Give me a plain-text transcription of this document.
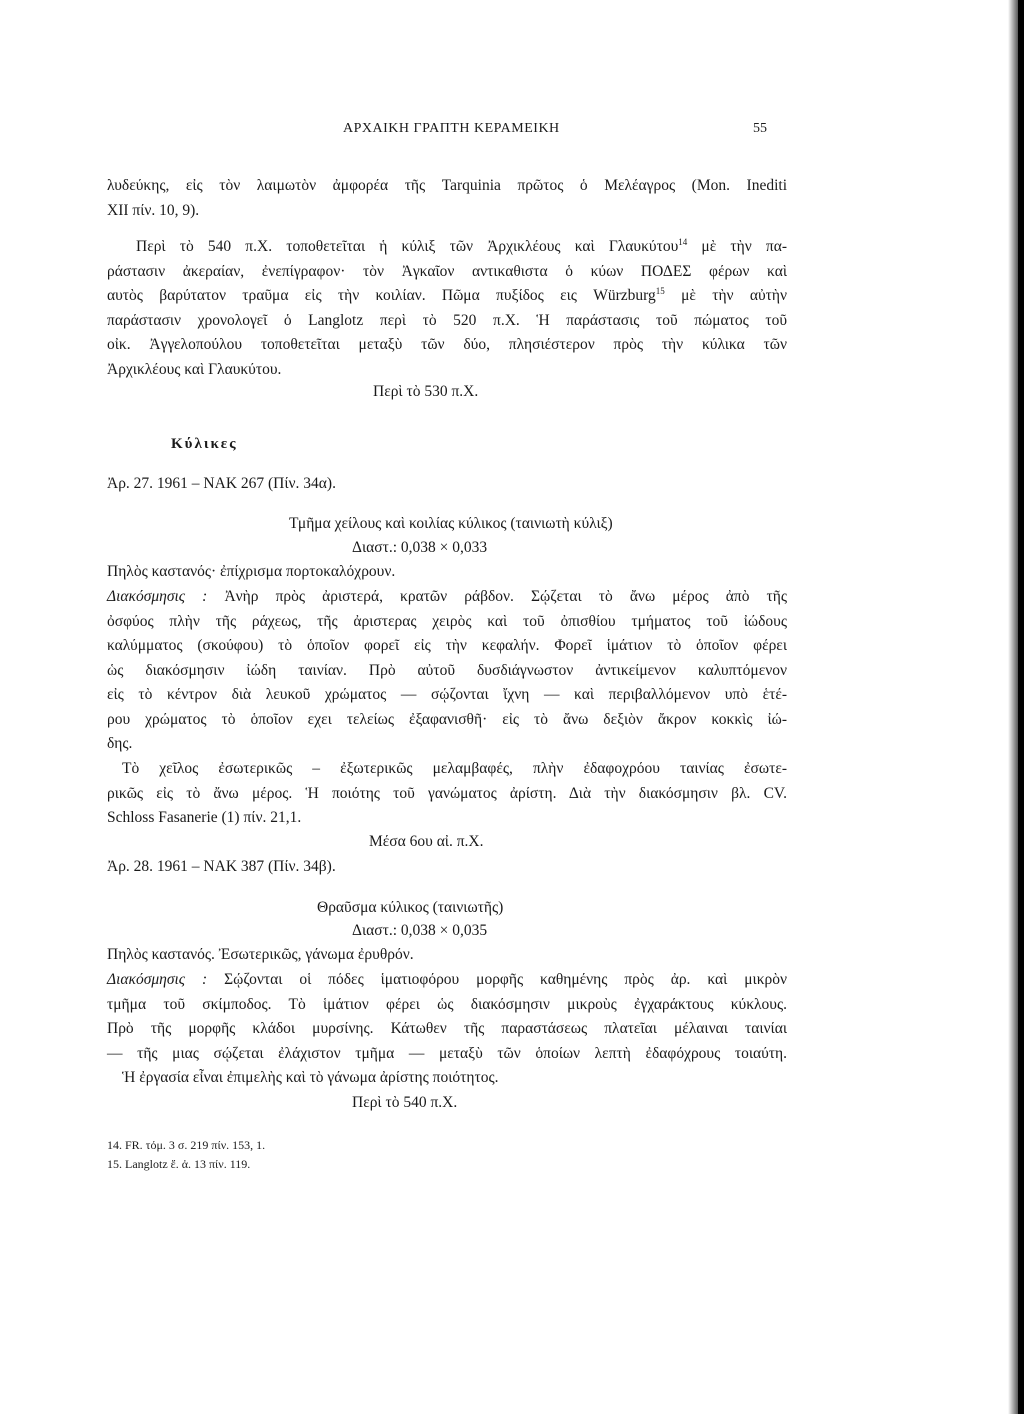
ΑΡΧΑΙΚΗ ΓΡΑΠΤΗ ΚΕΡΑΜΕΙΚΗ	55
λυδεύκης, εἰς τὸν λαιμωτὸν ἀμφορέα τῆς Tarquinia πρῶτος ὁ Μελέαγρος (Mon. Inediti
XII πίν. 10, 9).
Περὶ τὸ 540 π.Χ. τοποθετεῖται ἡ κύλιξ τῶν Ἀρχικλέους καὶ Γλαυκύτου$^{14}$ μὲ τὴν πα-
ράστασιν ἀκεραίαν, ἐνεπίγραφον· τὸν Ἀγκαῖον αντικαθιστα ὁ κύων ΠΟΔΕΣ φέρων καὶ
αυτὸς βαρύτατον τραῦμα εἰς τὴν κοιλίαν. Πῶμα πυξίδος εις Würzburg$^{15}$ μὲ τὴν αὐτὴν
παράστασιν χρονολογεῖ ὁ Langlotz περὶ τὸ 520 π.Χ. Ἡ παράστασις τοῦ πώματος τοῦ
οἰκ. Ἀγγελοπούλου τοποθετεῖται μεταξὺ τῶν δύο, πλησιέστερον πρὸς τὴν κύλικα τῶν
Ἀρχικλέους καὶ Γλαυκύτου.
Περὶ τὸ 530 π.Χ.
Κύλικες
Ἀρ. 27. 1961 – ΝΑΚ 267 (Πίν. 34α).
Τμῆμα χείλους καὶ κοιλίας κύλικος (ταινιωτὴ κύλιξ)
Διαστ.: 0,038 × 0,033
Πηλὸς καστανός· ἐπίχρισμα πορτοκαλόχρουν.
Διακόσμησις : Ἀνὴρ πρὸς ἀριστερά, κρατῶν ράβδον. Σῴζεται τὸ ἄνω μέρος ἀπὸ τῆς
ὀσφύος πλὴν τῆς ράχεως, τῆς ἀριστερας χειρὸς καὶ τοῦ ὀπισθίου τμήματος τοῦ ἰώδους
καλύμματος (σκούφου) τὸ ὁποῖον φορεῖ εἰς τὴν κεφαλήν. Φορεῖ ἱμάτιον τὸ ὁποῖον φέρει
ὡς διακόσμησιν ἰώδη ταινίαν. Πρὸ αὐτοῦ δυσδιάγνωστον ἀντικείμενον καλυπτόμενον
εἰς τὸ κέντρον διὰ λευκοῦ χρώματος — σῴζονται ἴχνη — καὶ περιβαλλόμενον υπὸ ἑτέ-
ρου χρώματος τὸ ὁποῖον εχει τελείως ἐξαφανισθῆ· εἰς τὸ ἄνω δεξιὸν ἄκρον κοκκὶς ἰώ-
δης.
Τὸ χεῖλος ἐσωτερικῶς – ἐξωτερικῶς μελαμβαφές, πλὴν ἐδαφοχρόου ταινίας ἐσωτε-
ρικῶς εἰς τὸ ἄνω μέρος. Ἡ ποιότης τοῦ γανώματος ἀρίστη. Διὰ τὴν διακόσμησιν βλ. CV.
Schloss Fasanerie (1) πίν. 21,1.
Μέσα 6ου αἰ. π.Χ.
Ἀρ. 28. 1961 – ΝΑΚ 387 (Πίν. 34β).
Θραῦσμα κύλικος (ταινιωτῆς)
Διαστ.: 0,038 × 0,035
Πηλὸς καστανός. Ἐσωτερικῶς, γάνωμα ἐρυθρόν.
Διακόσμησις : Σῴζονται οἱ πόδες ἱματιοφόρου μορφῆς καθημένης πρὸς ἀρ. καὶ μικρὸν
τμῆμα τοῦ σκίμποδος. Τὸ ἱμάτιον φέρει ὡς διακόσμησιν μικροὺς ἐγχαράκτους κύκλους.
Πρὸ τῆς μορφῆς κλάδοι μυρσίνης. Κάτωθεν τῆς παραστάσεως πλατεῖαι μέλαιναι ταινίαι
— τῆς μιας σῴζεται ἐλάχιστον τμῆμα — μεταξὺ τῶν ὁποίων λεπτὴ ἐδαφόχρους τοιαύτη.
Ἡ ἐργασία εἶναι ἐπιμελὴς καὶ τὸ γάνωμα ἀρίστης ποιότητος.
Περὶ τὸ 540 π.Χ.
14. FR. τόμ. 3 σ. 219 πίν. 153, 1.
15. Langlotz ἔ. ἀ. 13 πίν. 119.
